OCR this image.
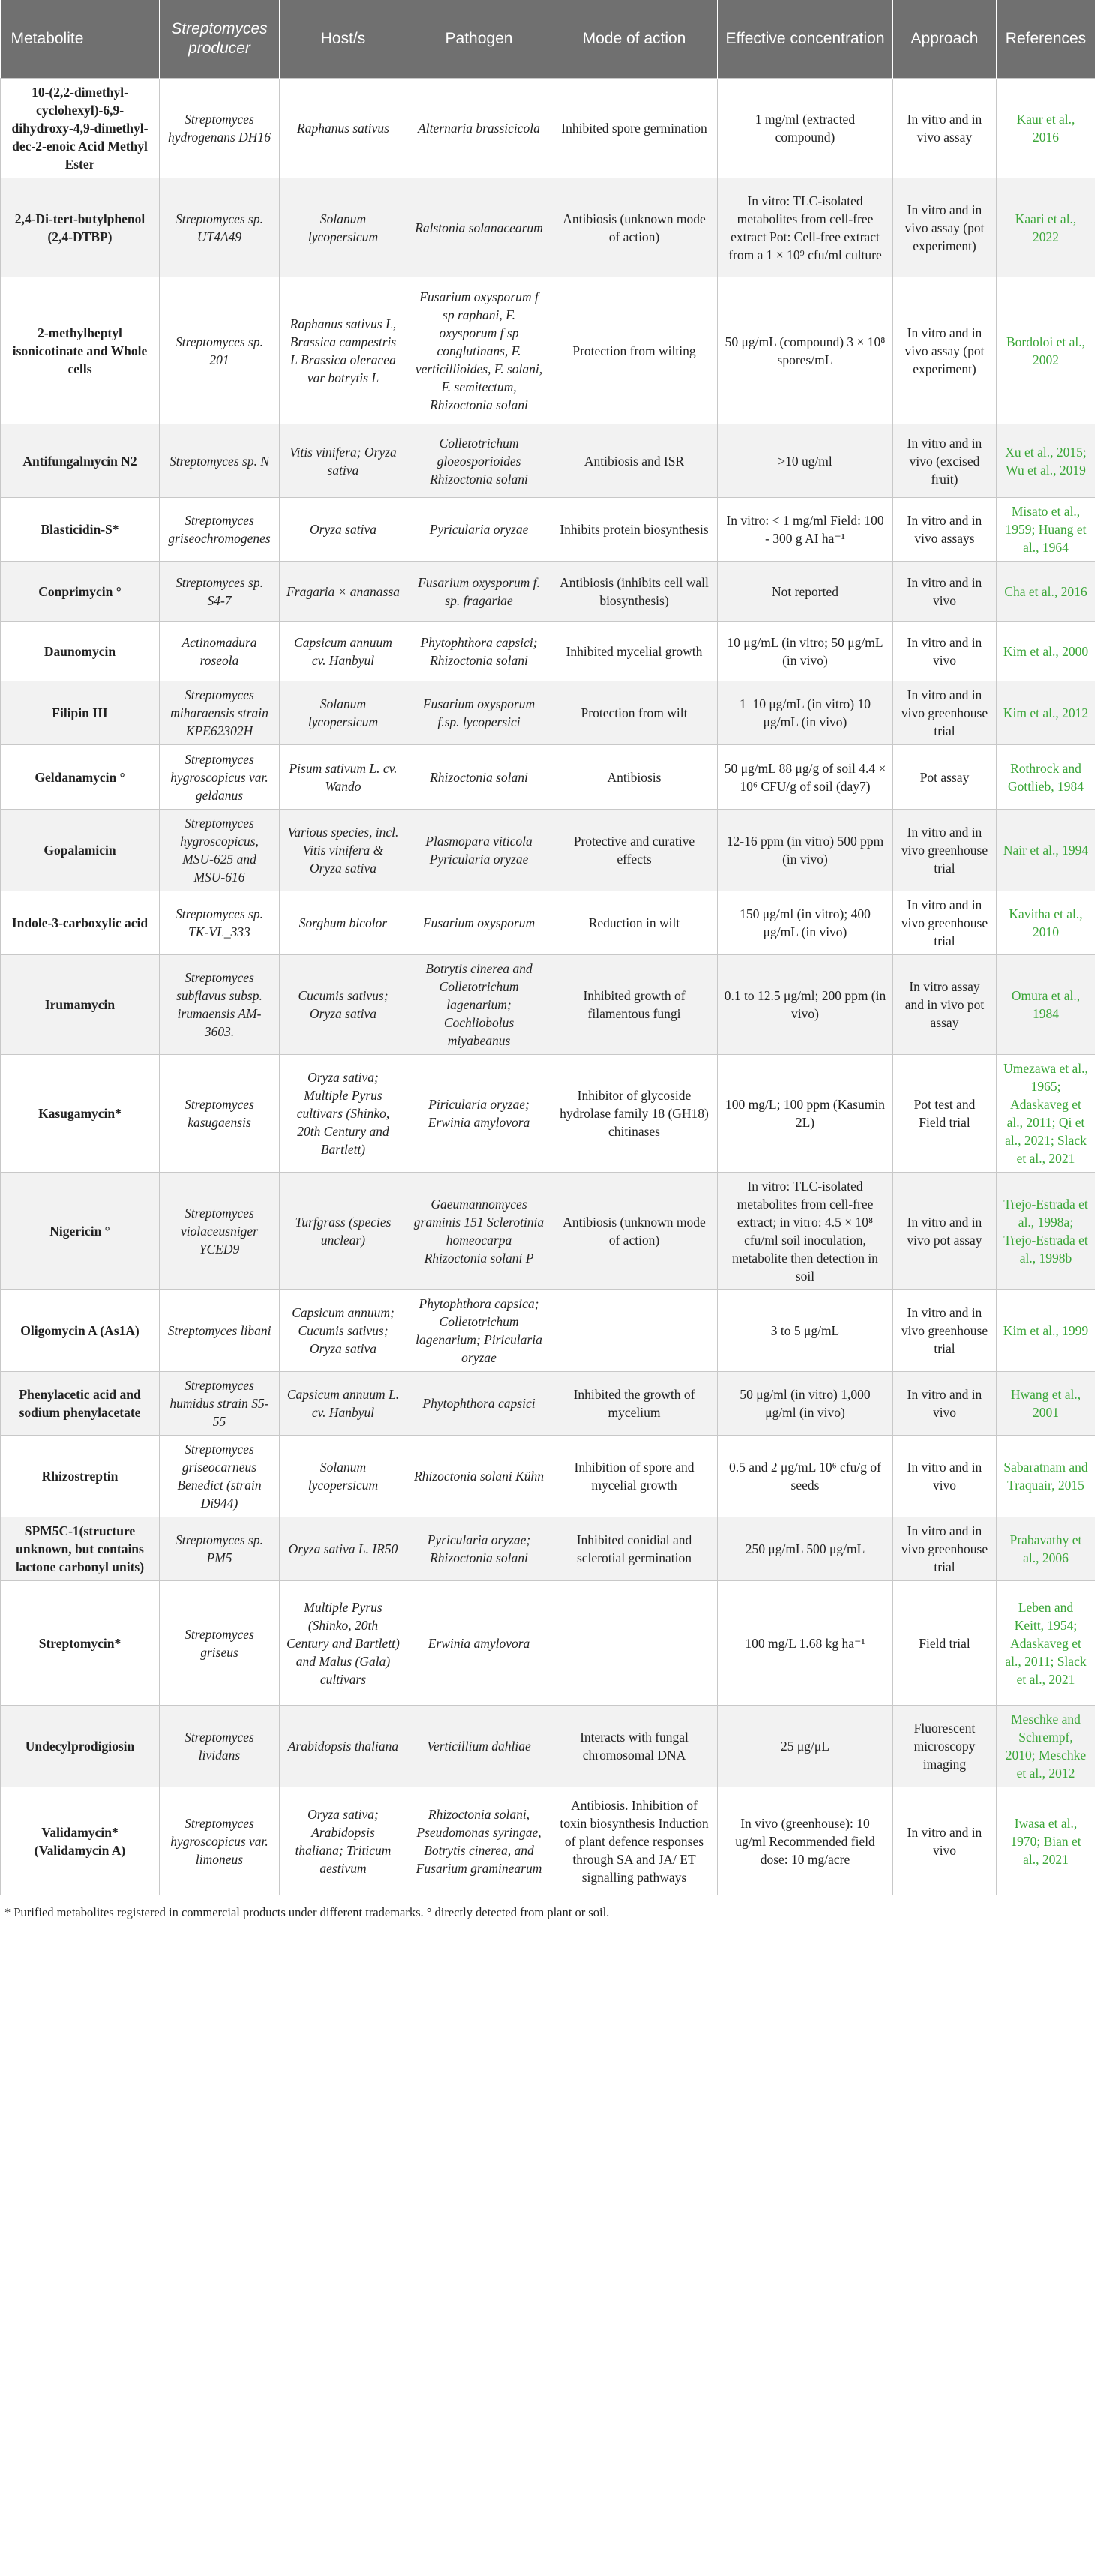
Metabolite	Streptomyces producer	Host/s	Pathogen	Mode of action	Effective concentration	Approach	References
10-(2,2-dimethyl-cyclohexyl)-6,9-dihydroxy-4,9-dimethyl-dec-2-enoic Acid Methyl Ester	Streptomyces hydrogenans DH16	Raphanus sativus	Alternaria brassicicola	Inhibited spore germination	1 mg/ml (extracted compound)	In vitro and in vivo assay	Kaur et al., 2016
2,4-Di-tert-butylphenol (2,4-DTBP)	Streptomyces sp. UT4A49	Solanum lycopersicum	Ralstonia solanacearum	Antibiosis (unknown mode of action)	In vitro: TLC-isolated metabolites from cell-free extract Pot: Cell-free extract from a 1 × 10⁹ cfu/ml culture	In vitro and in vivo assay (pot experiment)	Kaari et al., 2022
2-methylheptyl isonicotinate and Whole cells	Streptomyces sp. 201	Raphanus sativus L, Brassica campestris L Brassica oleracea var botrytis L	Fusarium oxysporum f sp raphani, F. oxysporum f sp conglutinans, F. verticillioides, F. solani, F. semitectum, Rhizoctonia solani	Protection from wilting	50 μg/mL (compound) 3 × 10⁸ spores/mL	In vitro and in vivo assay (pot experiment)	Bordoloi et al., 2002
Antifungalmycin N2	Streptomyces sp. N	Vitis vinifera; Oryza sativa	Colletotrichum gloeosporioides Rhizoctonia solani	Antibiosis and ISR	>10 ug/ml	In vitro and in vivo (excised fruit)	Xu et al., 2015; Wu et al., 2019
Blasticidin-S*	Streptomyces griseochromogenes	Oryza sativa	Pyricularia oryzae	Inhibits protein biosynthesis	In vitro: < 1 mg/ml Field: 100 - 300 g AI ha⁻¹	In vitro and in vivo assays	Misato et al., 1959; Huang et al., 1964
Conprimycin °	Streptomyces sp. S4-7	Fragaria × ananassa	Fusarium oxysporum f. sp. fragariae	Antibiosis (inhibits cell wall biosynthesis)	Not reported	In vitro and in vivo	Cha et al., 2016
Daunomycin	Actinomadura roseola	Capsicum annuum cv. Hanbyul	Phytophthora capsici; Rhizoctonia solani	Inhibited mycelial growth	10 μg/mL (in vitro; 50 μg/mL (in vivo)	In vitro and in vivo	Kim et al., 2000
Filipin III	Streptomyces miharaensis strain KPE62302H	Solanum lycopersicum	Fusarium oxysporum f.sp. lycopersici	Protection from wilt	1–10 μg/mL (in vitro) 10 μg/mL (in vivo)	In vitro and in vivo greenhouse trial	Kim et al., 2012
Geldanamycin °	Streptomyces hygroscopicus var. geldanus	Pisum sativum L. cv. Wando	Rhizoctonia solani	Antibiosis	50 μg/mL 88 μg/g of soil 4.4 × 10⁶ CFU/g of soil (day7)	Pot assay	Rothrock and Gottlieb, 1984
Gopalamicin	Streptomyces hygroscopicus, MSU-625 and MSU-616	Various species, incl. Vitis vinifera & Oryza sativa	Plasmopara viticola Pyricularia oryzae	Protective and curative effects	12-16 ppm (in vitro) 500 ppm (in vivo)	In vitro and in vivo greenhouse trial	Nair et al., 1994
Indole-3-carboxylic acid	Streptomyces sp. TK-VL_333	Sorghum bicolor	Fusarium oxysporum	Reduction in wilt	150 μg/ml (in vitro); 400 μg/mL (in vivo)	In vitro and in vivo greenhouse trial	Kavitha et al., 2010
Irumamycin	Streptomyces subflavus subsp. irumaensis AM-3603.	Cucumis sativus; Oryza sativa	Botrytis cinerea and Colletotrichum lagenarium; Cochliobolus miyabeanus	Inhibited growth of filamentous fungi	0.1 to 12.5 μg/ml; 200 ppm (in vivo)	In vitro assay and in vivo pot assay	Omura et al., 1984
Kasugamycin*	Streptomyces kasugaensis	Oryza sativa; Multiple Pyrus cultivars (Shinko, 20th Century and Bartlett)	Piricularia oryzae; Erwinia amylovora	Inhibitor of glycoside hydrolase family 18 (GH18) chitinases	100 mg/L; 100 ppm (Kasumin 2L)	Pot test and Field trial	Umezawa et al., 1965; Adaskaveg et al., 2011; Qi et al., 2021; Slack et al., 2021
Nigericin °	Streptomyces violaceusniger YCED9	Turfgrass (species unclear)	Gaeumannomyces graminis 151 Sclerotinia homeocarpa Rhizoctonia solani P	Antibiosis (unknown mode of action)	In vitro: TLC-isolated metabolites from cell-free extract; in vitro: 4.5 × 10⁸ cfu/ml soil inoculation, metabolite then detection in soil	In vitro and in vivo pot assay	Trejo-Estrada et al., 1998a; Trejo-Estrada et al., 1998b
Oligomycin A (As1A)	Streptomyces libani	Capsicum annuum; Cucumis sativus; Oryza sativa	Phytophthora capsica; Colletotrichum lagenarium; Piricularia oryzae		3 to 5 μg/mL	In vitro and in vivo greenhouse trial	Kim et al., 1999
Phenylacetic acid and sodium phenylacetate	Streptomyces humidus strain S5-55	Capsicum annuum L. cv. Hanbyul	Phytophthora capsici	Inhibited the growth of mycelium	50 μg/ml (in vitro) 1,000 μg/ml (in vivo)	In vitro and in vivo	Hwang et al., 2001
Rhizostreptin	Streptomyces griseocarneus Benedict (strain Di944)	Solanum lycopersicum	Rhizoctonia solani Kühn	Inhibition of spore and mycelial growth	0.5 and 2 μg/mL 10⁶ cfu/g of seeds	In vitro and in vivo	Sabaratnam and Traquair, 2015
SPM5C-1(structure unknown, but contains lactone carbonyl units)	Streptomyces sp. PM5	Oryza sativa L. IR50	Pyricularia oryzae; Rhizoctonia solani	Inhibited conidial and sclerotial germination	250 μg/mL 500 μg/mL	In vitro and in vivo greenhouse trial	Prabavathy et al., 2006
Streptomycin*	Streptomyces griseus	Multiple Pyrus (Shinko, 20th Century and Bartlett) and Malus (Gala) cultivars	Erwinia amylovora		100 mg/L 1.68 kg ha⁻¹	Field trial	Leben and Keitt, 1954; Adaskaveg et al., 2011; Slack et al., 2021
Undecylprodigiosin	Streptomyces lividans	Arabidopsis thaliana	Verticillium dahliae	Interacts with fungal chromosomal DNA	25 μg/μL	Fluorescent microscopy imaging	Meschke and Schrempf, 2010; Meschke et al., 2012
Validamycin* (Validamycin A)	Streptomyces hygroscopicus var. limoneus	Oryza sativa; Arabidopsis thaliana; Triticum aestivum	Rhizoctonia solani, Pseudomonas syringae, Botrytis cinerea, and Fusarium graminearum	Antibiosis. Inhibition of toxin biosynthesis Induction of plant defence responses through SA and JA/ ET signalling pathways	In vivo (greenhouse): 10 ug/ml Recommended field dose: 10 mg/acre	In vitro and in vivo	Iwasa et al., 1970; Bian et al., 2021
* Purified metabolites registered in commercial products under different trademarks. ° directly detected from plant or soil.
